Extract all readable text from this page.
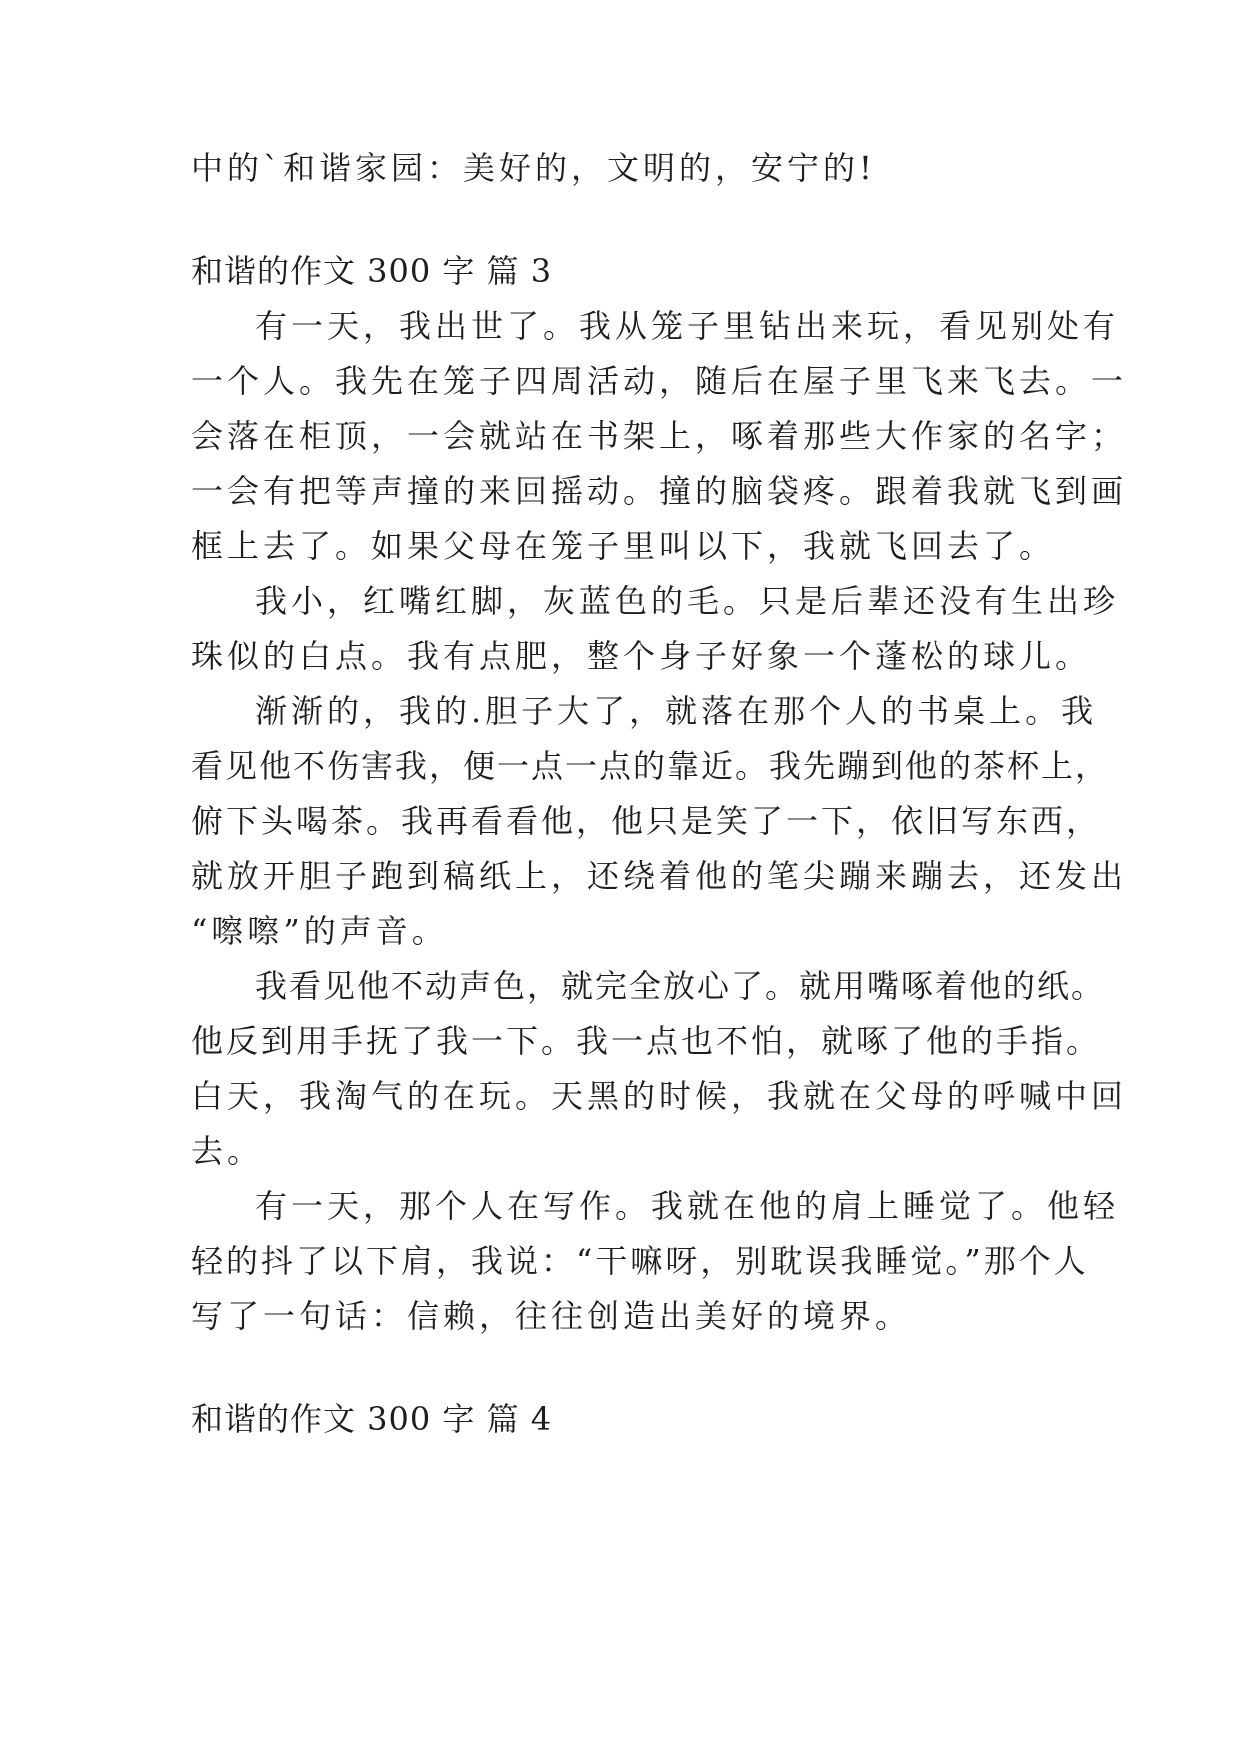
中的`和谐家园：美好的，文明的，安宁的!
和谐的作文 300 字 篇 3
有一天，我出世了。我从笼子里钻出来玩，看见别处有
一个人。我先在笼子四周活动，随后在屋子里飞来飞去。一
会落在柜顶，一会就站在书架上，啄着那些大作家的名字；
一会有把等声撞的来回摇动。撞的脑袋疼。跟着我就飞到画
框上去了。如果父母在笼子里叫以下，我就飞回去了。
我小，红嘴红脚，灰蓝色的毛。只是后辈还没有生出珍
珠似的白点。我有点肥，整个身子好象一个蓬松的球儿。
渐渐的，我的.胆子大了，就落在那个人的书桌上。我
看见他不伤害我，便一点一点的靠近。我先蹦到他的茶杯上，
俯下头喝茶。我再看看他，他只是笑了一下，依旧写东西，
就放开胆子跑到稿纸上，还绕着他的笔尖蹦来蹦去，还发出
“嚓嚓”的声音。
我看见他不动声色，就完全放心了。就用嘴啄着他的纸。
他反到用手抚了我一下。我一点也不怕，就啄了他的手指。
白天，我淘气的在玩。天黑的时候，我就在父母的呼喊中回
去。
有一天，那个人在写作。我就在他的肩上睡觉了。他轻
轻的抖了以下肩，我说：“干嘛呀，别耽误我睡觉。”那个人
写了一句话：信赖，往往创造出美好的境界。
和谐的作文 300 字 篇 4
